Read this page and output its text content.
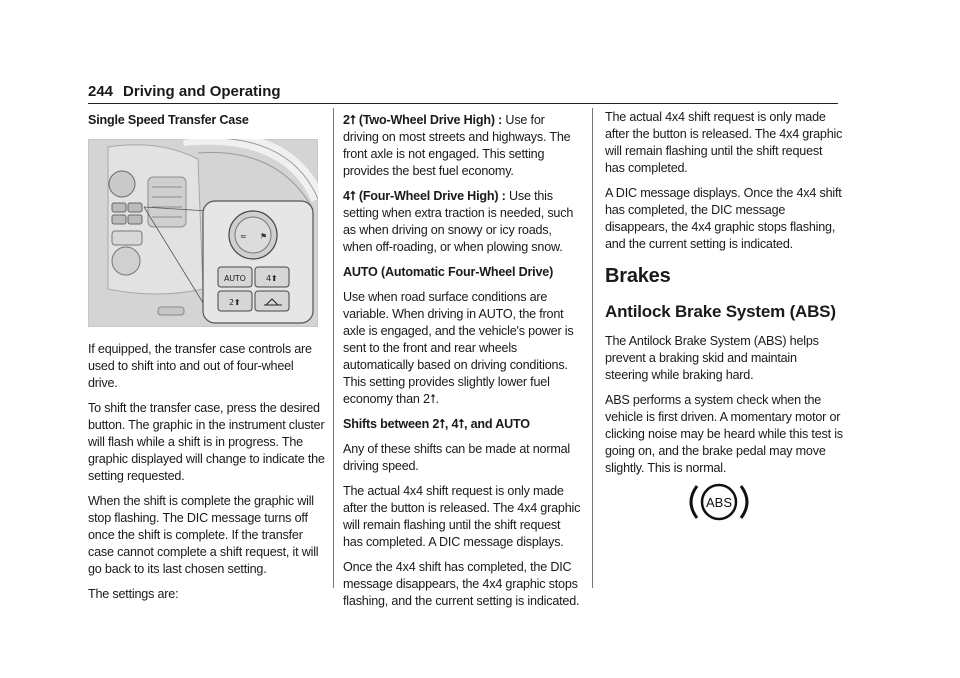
244 Driving and Operating
Single Speed Transfer Case
≈ ⚑
AUTO	4⬆
2⬆

If equipped, the transfer case controls are used to shift into and out of four-wheel drive.

To shift the transfer case, press the desired button. The graphic in the instrument cluster will flash while a shift is in progress. The graphic displayed will change to indicate the setting requested.

When the shift is complete the graphic will stop flashing. The DIC message turns off once the shift is complete. If the transfer case cannot complete a shift request, it will go back to its last chosen setting.

The settings are:

2⭡ (Two-Wheel Drive High) : Use for driving on most streets and highways. The front axle is not engaged. This setting provides the best fuel economy.

4⭡ (Four-Wheel Drive High) : Use this setting when extra traction is needed, such as when driving on snowy or icy roads, when off-roading, or when plowing snow.

AUTO (Automatic Four-Wheel Drive)

Use when road surface conditions are variable. When driving in AUTO, the front axle is engaged, and the vehicle's power is sent to the front and rear wheels automatically based on driving conditions. This setting provides slightly lower fuel economy than 2⭡.

Shifts between 2⭡, 4⭡, and AUTO

Any of these shifts can be made at normal driving speed.

The actual 4x4 shift request is only made after the button is released. The 4x4 graphic will remain flashing until the shift request has completed. A DIC message displays.

Once the 4x4 shift has completed, the DIC message disappears, the 4x4 graphic stops flashing, and the current setting is indicated.

The actual 4x4 shift request is only made after the button is released. The 4x4 graphic will remain flashing until the shift request has completed.

A DIC message displays. Once the 4x4 shift has completed, the DIC message disappears, the 4x4 graphic stops flashing, and the current setting is indicated.

Brakes
Antilock Brake System (ABS)

The Antilock Brake System (ABS) helps prevent a braking skid and maintain steering while braking hard.

ABS performs a system check when the vehicle is first driven. A momentary motor or clicking noise may be heard while this test is going on, and the brake pedal may move slightly. This is normal.

ABS
